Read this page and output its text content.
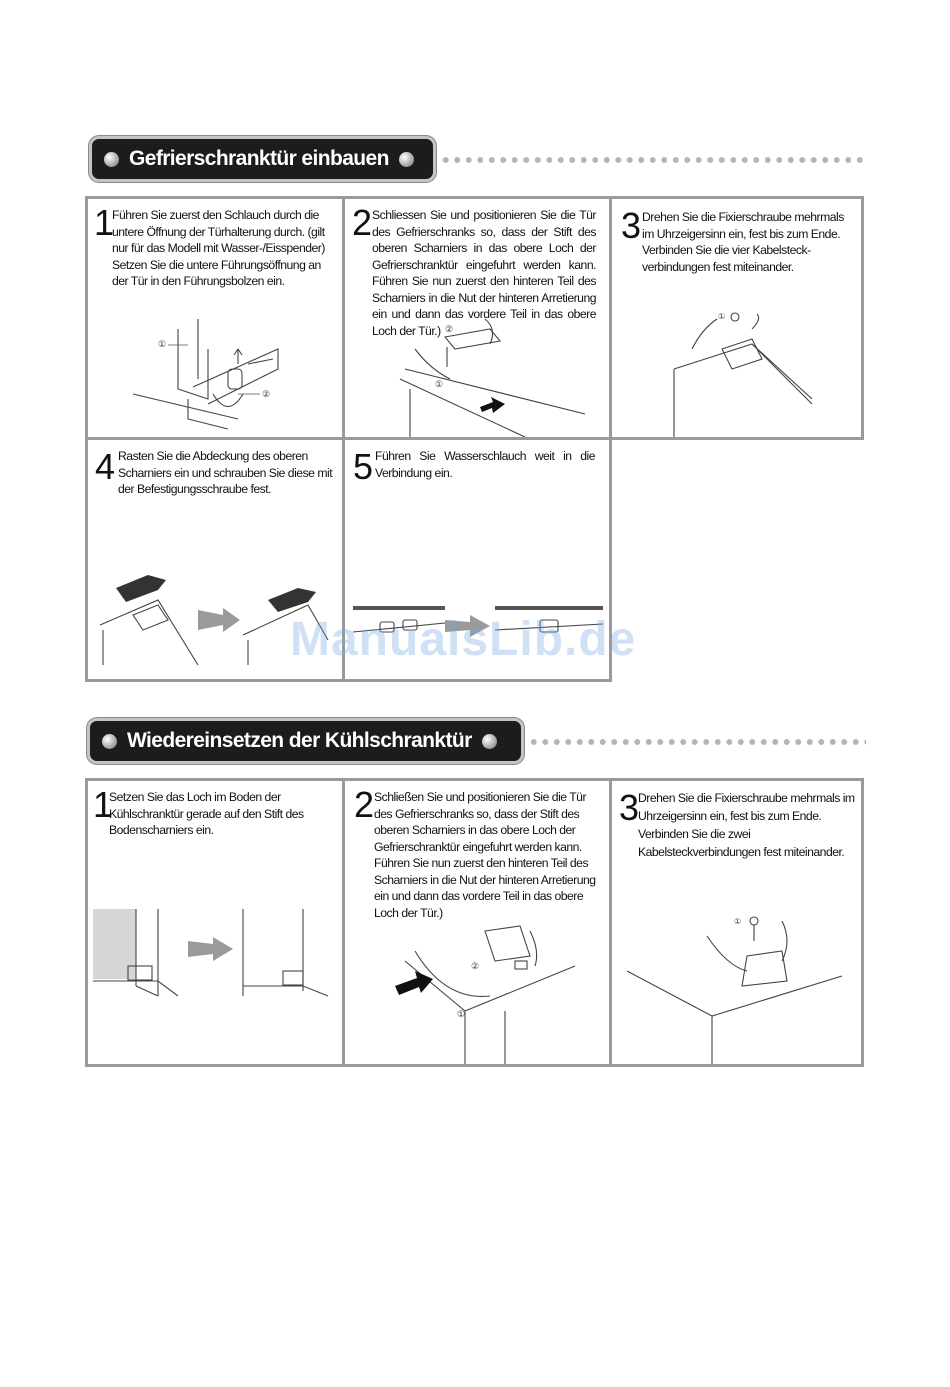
Gefrierschranktür einbauen
1
Führen Sie zuerst den Schlauch durch die untere Öffnung der Türhalterung durch. (gilt nur für das Modell mit Wasser-/Eisspender) Setzen Sie die untere Führungsöffnung an der Tür in den Führungsbolzen ein.
①
②
2 Schliessen Sie und positionieren Sie die Tür des Gefrierschranks so, dass der Stift des oberen Scharniers in das obere Loch der Gefrierschranktür eingefuhrt werden kann. Führen Sie nun zuerst den hinteren Teil des Scharniers in die Nut der hinteren Arretierung ein und dann das vordere Teil in das obere Loch der Tür.) ②
①
3 Drehen Sie die Fixierschraube mehrmals im Uhrzeigersinn ein, fest bis zum Ende. Verbinden Sie die vier Kabelsteck-verbindungen fest miteinander.
①
4 Rasten Sie die Abdeckung des oberen Scharniers ein und schrauben Sie diese mit der Befestigungsschraube fest.
5 Führen Sie Wasserschlauch weit in die Verbindung ein.
ManualsLib.de
Wiedereinsetzen der Kühlschranktür
1
Setzen Sie das Loch im Boden der Kühlschranktür gerade auf den Stift des Bodenscharniers ein.
2 Schließen Sie und positionieren Sie die Tür des Gefrierschranks so, dass der Stift des oberen Scharniers in das obere Loch der Gefrierschranktür eingefuhrt werden kann. Führen Sie nun zuerst den hinteren Teil des Scharniers in die Nut der hinteren Arretierung ein und dann das vordere Teil in das obere Loch der Tür.)
②
①
3 Drehen Sie die Fixierschraube mehrmals im Uhrzeigersinn ein, fest bis zum Ende. Verbinden Sie die zwei Kabelsteckverbindungen fest miteinander.
①
